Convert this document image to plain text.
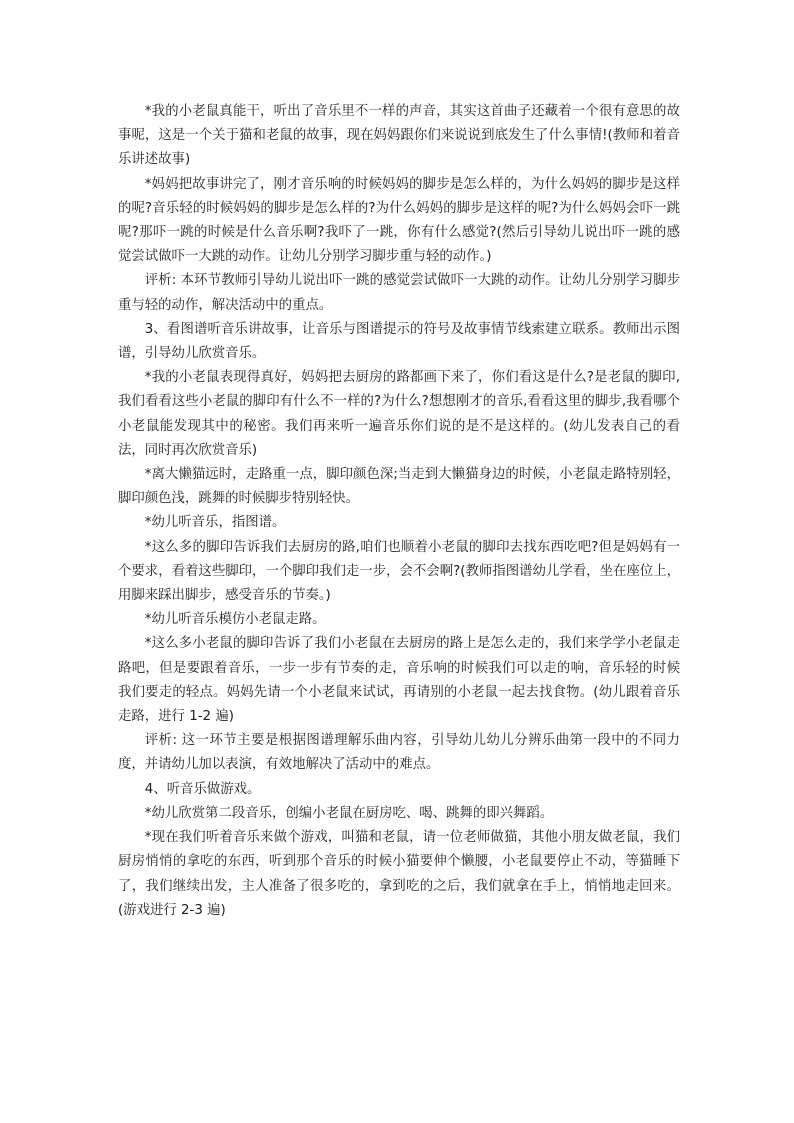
*我的小老鼠真能干，听出了音乐里不一样的声音，其实这首曲子还藏着一个很有意思的故事呢，这是一个关于猫和老鼠的故事，现在妈妈跟你们来说说到底发生了什么事情!(教师和着音乐讲述故事)

*妈妈把故事讲完了，刚才音乐响的时候妈妈的脚步是怎么样的，为什么妈妈的脚步是这样的呢?音乐轻的时候妈妈的脚步是怎么样的?为什么妈妈的脚步是这样的呢?为什么妈妈会吓一跳呢?那吓一跳的时候是什么音乐啊?我吓了一跳，你有什么感觉?(然后引导幼儿说出吓一跳的感觉尝试做吓一大跳的动作。让幼儿分别学习脚步重与轻的动作。)

评析: 本环节教师引导幼儿说出吓一跳的感觉尝试做吓一大跳的动作。让幼儿分别学习脚步重与轻的动作，解决活动中的重点。

3、看图谱听音乐讲故事，让音乐与图谱提示的符号及故事情节线索建立联系。教师出示图谱，引导幼儿欣赏音乐。

*我的小老鼠表现得真好，妈妈把去厨房的路都画下来了，你们看这是什么?是老鼠的脚印,我们看看这些小老鼠的脚印有什么不一样的?为什么?想想刚才的音乐,看看这里的脚步,我看哪个小老鼠能发现其中的秘密。我们再来听一遍音乐你们说的是不是这样的。(幼儿发表自己的看法，同时再次欣赏音乐)

*离大懒猫远时，走路重一点，脚印颜色深;当走到大懒猫身边的时候，小老鼠走路特别轻，脚印颜色浅，跳舞的时候脚步特别轻快。

*幼儿听音乐，指图谱。

*这么多的脚印告诉我们去厨房的路,咱们也顺着小老鼠的脚印去找东西吃吧?但是妈妈有一个要求，看着这些脚印，一个脚印我们走一步，会不会啊?(教师指图谱幼儿学看，坐在座位上，用脚来踩出脚步，感受音乐的节奏。)

*幼儿听音乐模仿小老鼠走路。

*这么多小老鼠的脚印告诉了我们小老鼠在去厨房的路上是怎么走的，我们来学学小老鼠走路吧，但是要跟着音乐，一步一步有节奏的走，音乐响的时候我们可以走的响，音乐轻的时候我们要走的轻点。妈妈先请一个小老鼠来试试，再请别的小老鼠一起去找食物。(幼儿跟着音乐走路，进行 1-2 遍)

评析: 这一环节主要是根据图谱理解乐曲内容，引导幼儿幼儿分辨乐曲第一段中的不同力度，并请幼儿加以表演，有效地解决了活动中的难点。

4、听音乐做游戏。

*幼儿欣赏第二段音乐，创编小老鼠在厨房吃、喝、跳舞的即兴舞蹈。

*现在我们听着音乐来做个游戏，叫猫和老鼠，请一位老师做猫，其他小朋友做老鼠，我们厨房悄悄的拿吃的东西，听到那个音乐的时候小猫要伸个懒腰，小老鼠要停止不动，等猫睡下了，我们继续出发，主人准备了很多吃的，拿到吃的之后，我们就拿在手上，悄悄地走回来。(游戏进行 2-3 遍)
